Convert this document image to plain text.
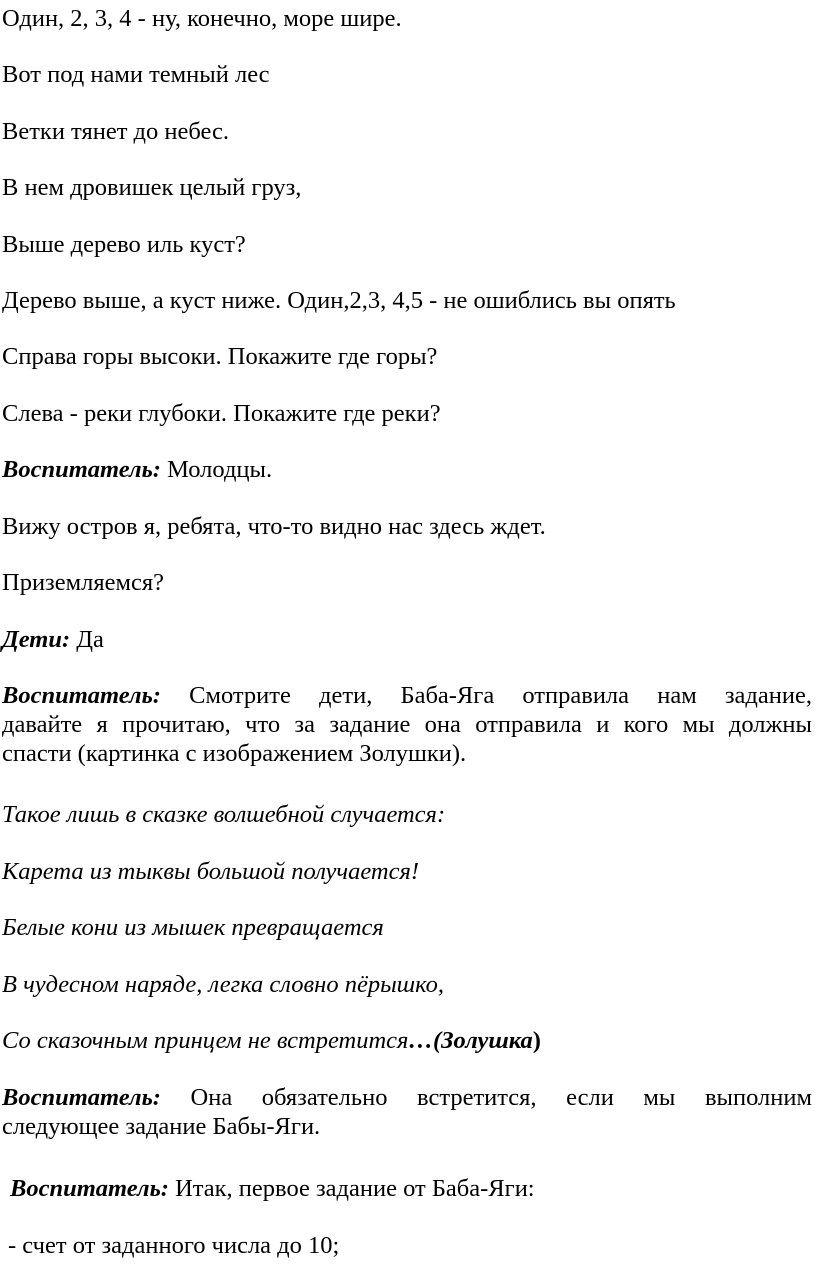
Один, 2, 3, 4 - ну, конечно, море шире.
Вот под нами темный лес
Ветки тянет до небес.
В нем дровишек целый груз,
Выше дерево иль куст?
Дерево выше, а куст ниже. Один,2,3, 4,5 - не ошиблись вы опять
Справа горы высоки. Покажите где горы?
Слева - реки глубоки. Покажите где реки?
Воспитатель: Молодцы.
Вижу остров я, ребята, что-то видно нас здесь ждет.
Приземляемся?
Дети: Да
Воспитатель: Смотрите дети, Баба-Яга отправила нам задание,
давайте я прочитаю, что за задание она отправила и кого мы должны
спасти (картинка с изображением Золушки).
Такое лишь в сказке волшебной случается:
Карета из тыквы большой получается!
Белые кони из мышек превращается
В чудесном наряде, легка словно пёрышко,
Со сказочным принцем не встретится…(Золушка)
Воспитатель: Она обязательно встретится, если мы выполним
следующее задание Бабы-Яги.
Воспитатель: Итак, первое задание от Баба-Яги:
- счет от заданного числа до 10;
